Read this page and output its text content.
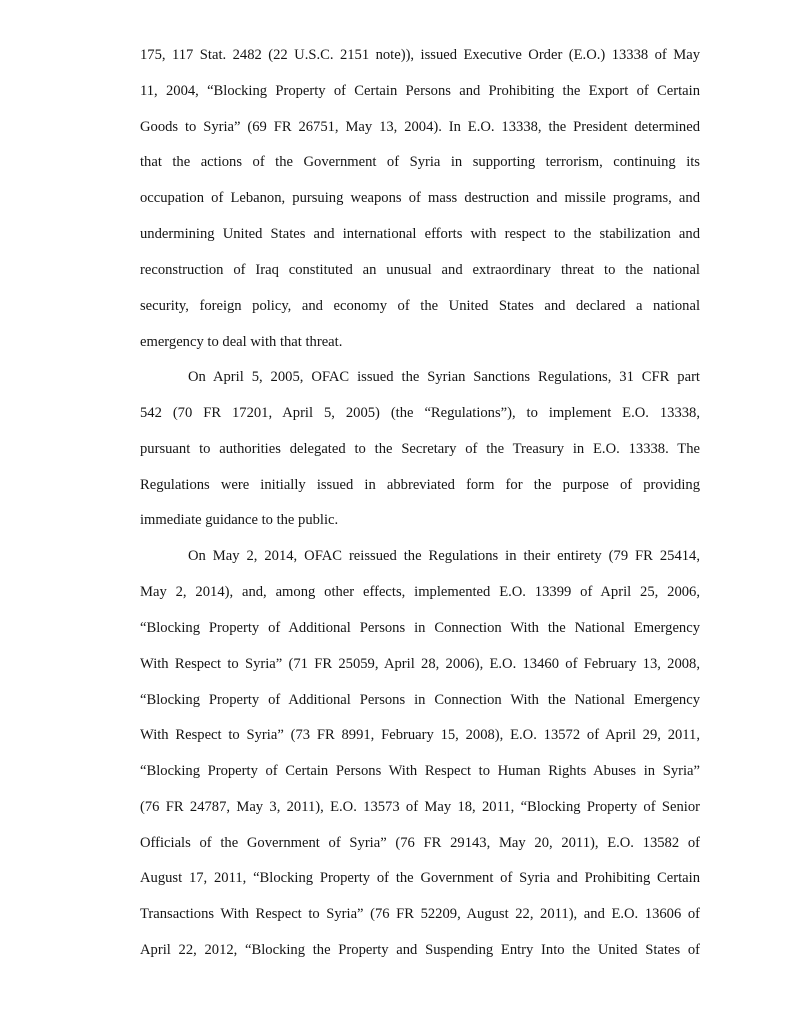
175, 117 Stat. 2482 (22 U.S.C. 2151 note)), issued Executive Order (E.O.) 13338 of May

11, 2004, “Blocking Property of Certain Persons and Prohibiting the Export of Certain

Goods to Syria” (69 FR 26751, May 13, 2004). In E.O. 13338, the President determined

that the actions of the Government of Syria in supporting terrorism, continuing its

occupation of Lebanon, pursuing weapons of mass destruction and missile programs, and

undermining United States and international efforts with respect to the stabilization and

reconstruction of Iraq constituted an unusual and extraordinary threat to the national

security, foreign policy, and economy of the United States and declared a national

emergency to deal with that threat.

On April 5, 2005, OFAC issued the Syrian Sanctions Regulations, 31 CFR part

542 (70 FR 17201, April 5, 2005) (the “Regulations”), to implement E.O. 13338,

pursuant to authorities delegated to the Secretary of the Treasury in E.O. 13338. The

Regulations were initially issued in abbreviated form for the purpose of providing

immediate guidance to the public.

On May 2, 2014, OFAC reissued the Regulations in their entirety (79 FR 25414,

May 2, 2014), and, among other effects, implemented E.O. 13399 of April 25, 2006,

“Blocking Property of Additional Persons in Connection With the National Emergency

With Respect to Syria” (71 FR 25059, April 28, 2006), E.O. 13460 of February 13, 2008,

“Blocking Property of Additional Persons in Connection With the National Emergency

With Respect to Syria” (73 FR 8991, February 15, 2008), E.O. 13572 of April 29, 2011,

“Blocking Property of Certain Persons With Respect to Human Rights Abuses in Syria”

(76 FR 24787, May 3, 2011), E.O. 13573 of May 18, 2011, “Blocking Property of Senior

Officials of the Government of Syria” (76 FR 29143, May 20, 2011), E.O. 13582 of

August 17, 2011, “Blocking Property of the Government of Syria and Prohibiting Certain

Transactions With Respect to Syria” (76 FR 52209, August 22, 2011), and E.O. 13606 of

April 22, 2012, “Blocking the Property and Suspending Entry Into the United States of
